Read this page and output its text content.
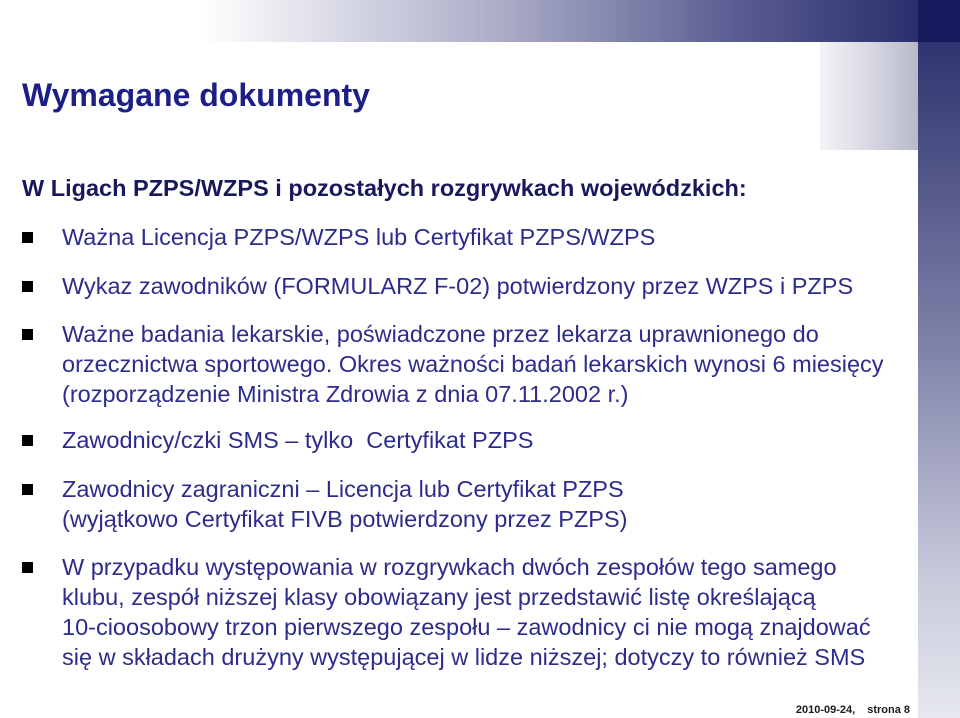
Wymagane dokumenty
W Ligach PZPS/WZPS i pozostałych rozgrywkach wojewódzkich:
Ważna Licencja PZPS/WZPS lub Certyfikat PZPS/WZPS
Wykaz zawodników (FORMULARZ F-02) potwierdzony przez WZPS i PZPS
Ważne badania lekarskie, poświadczone przez lekarza uprawnionego do
orzecznictwa sportowego. Okres ważności badań lekarskich wynosi 6 miesięcy
(rozporządzenie Ministra Zdrowia z dnia 07.11.2002 r.)
Zawodnicy/czki SMS – tylko  Certyfikat PZPS
Zawodnicy zagraniczni – Licencja lub Certyfikat PZPS
(wyjątkowo Certyfikat FIVB potwierdzony przez PZPS)
W przypadku występowania w rozgrywkach dwóch zespołów tego samego
klubu, zespół niższej klasy obowiązany jest przedstawić listę określającą
10-cioosobowy trzon pierwszego zespołu – zawodnicy ci nie mogą znajdować
się w składach drużyny występującej w lidze niższej; dotyczy to również SMS
2010-09-24, strona 8
